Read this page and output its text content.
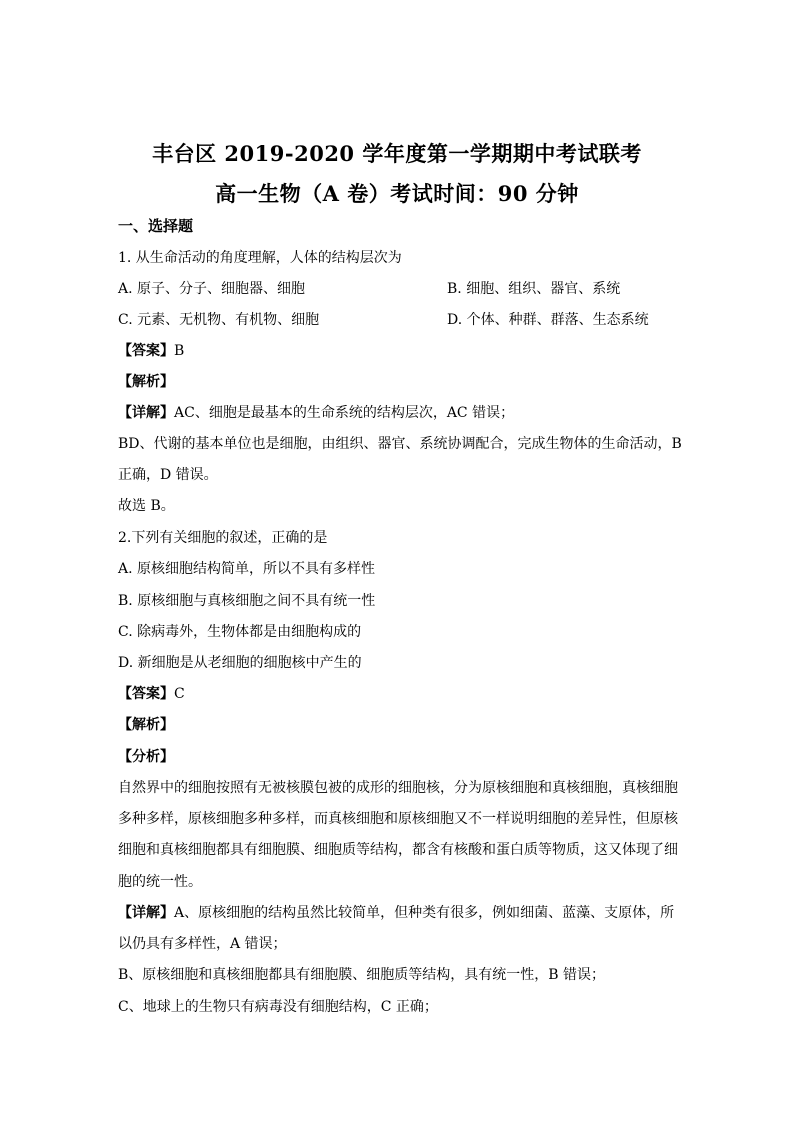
丰台区 2019-2020 学年度第一学期期中考试联考
高一生物（A 卷）考试时间：90 分钟
一、选择题
1. 从生命活动的角度理解，人体的结构层次为
A. 原子、分子、细胞器、细胞	B. 细胞、组织、器官、系统
C. 元素、无机物、有机物、细胞	D. 个体、种群、群落、生态系统
【答案】B
【解析】
【详解】AC、细胞是最基本的生命系统的结构层次，AC 错误；
BD、代谢的基本单位也是细胞，由组织、器官、系统协调配合，完成生物体的生命活动，B
正确，D 错误。
故选 B。
2.下列有关细胞的叙述，正确的是
A. 原核细胞结构简单，所以不具有多样性
B. 原核细胞与真核细胞之间不具有统一性
C. 除病毒外，生物体都是由细胞构成的
D. 新细胞是从老细胞的细胞核中产生的
【答案】C
【解析】
【分析】
自然界中的细胞按照有无被核膜包被的成形的细胞核，分为原核细胞和真核细胞，真核细胞
多种多样，原核细胞多种多样，而真核细胞和原核细胞又不一样说明细胞的差异性，但原核
细胞和真核细胞都具有细胞膜、细胞质等结构，都含有核酸和蛋白质等物质，这又体现了细
胞的统一性。
【详解】A、原核细胞的结构虽然比较简单，但种类有很多，例如细菌、蓝藻、支原体，所
以仍具有多样性，A 错误；
B、原核细胞和真核细胞都具有细胞膜、细胞质等结构，具有统一性，B 错误；
C、地球上的生物只有病毒没有细胞结构，C 正确；
